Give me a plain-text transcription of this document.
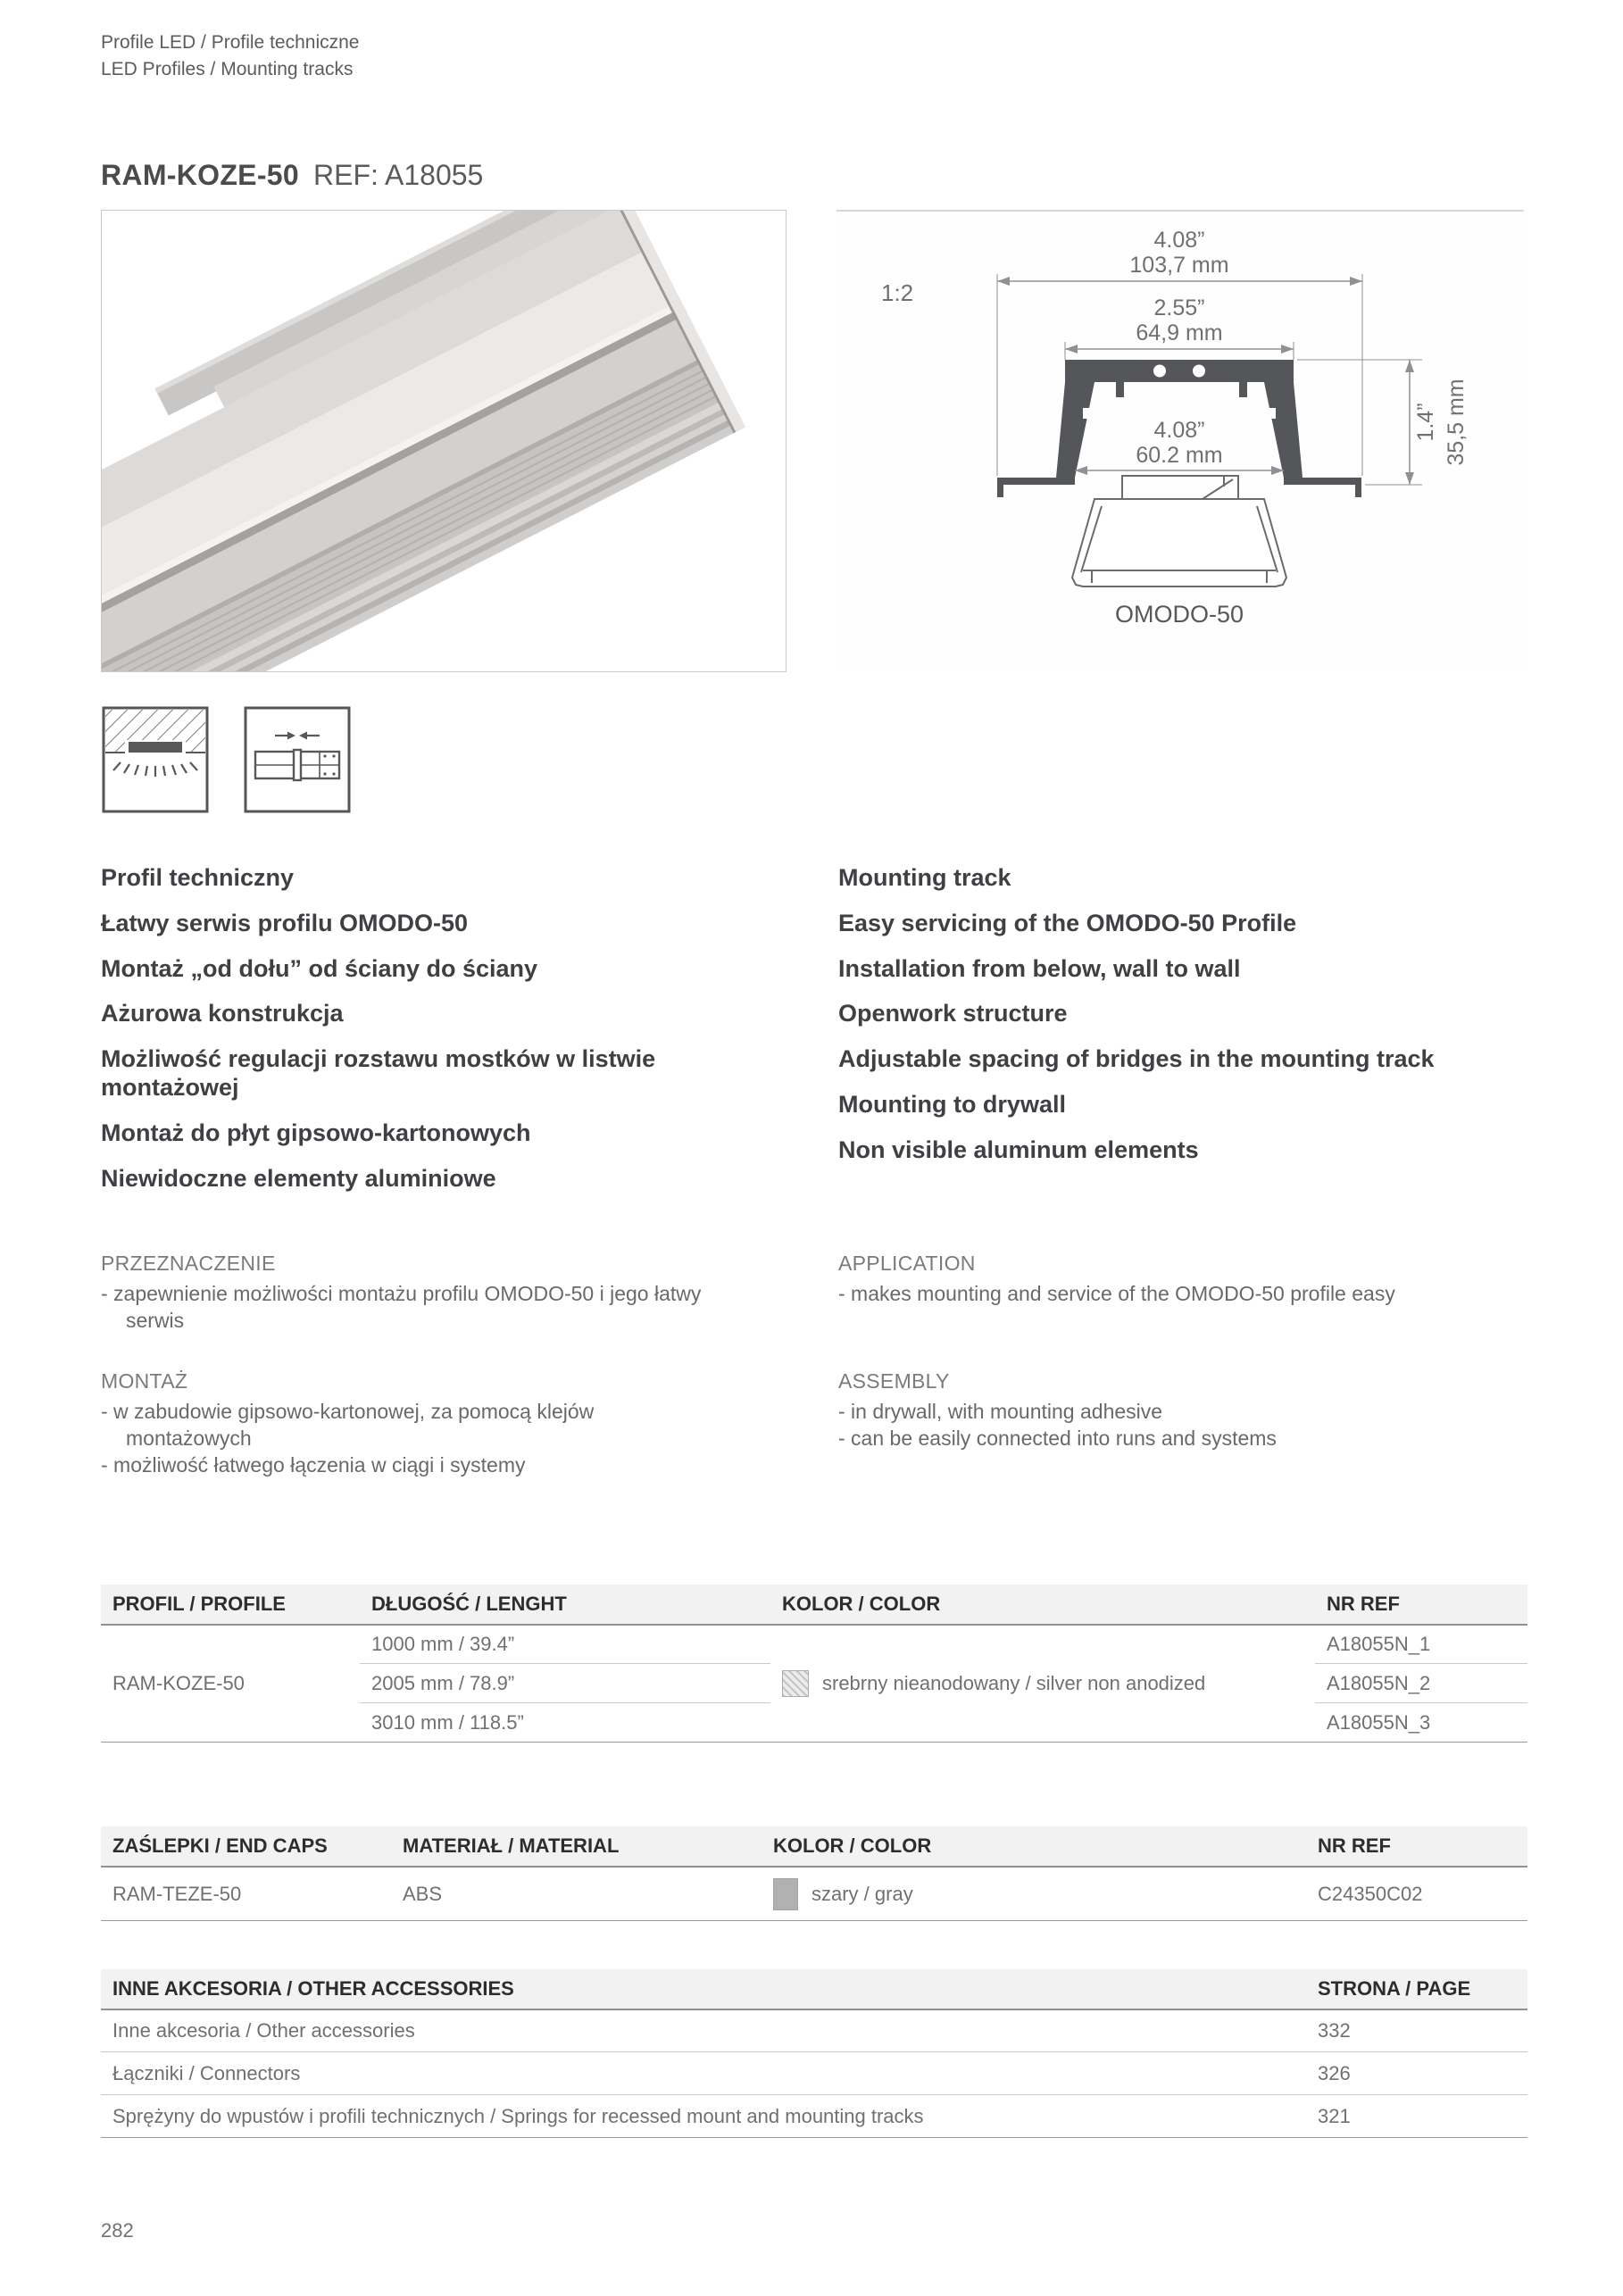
Profile LED / Profile techniczne
LED Profiles / Mounting tracks
RAM-KOZE-50 REF: A18055
1:2
4.08”
103,7 mm
2.55”
64,9 mm
4.08”
60.2 mm
1.4” 35,5 mm
OMODO-50
Profil techniczny
Łatwy serwis profilu OMODO-50
Montaż „od dołu” od ściany do ściany
Ażurowa konstrukcja
Możliwość regulacji rozstawu mostków w listwie montażowej
Montaż do płyt gipsowo-kartonowych
Niewidoczne elementy aluminiowe
Mounting track
Easy servicing of the OMODO-50 Profile
Installation from below, wall to wall
Openwork structure
Adjustable spacing of bridges in the mounting track
Mounting to drywall
Non visible aluminum elements
PRZEZNACZENIE
- zapewnienie możliwości montażu profilu OMODO-50 i jego łatwy serwis
MONTAŻ
- w zabudowie gipsowo-kartonowej, za pomocą klejów montażowych
- możliwość łatwego łączenia w ciągi i systemy
APPLICATION
- makes mounting and service of the OMODO-50 profile easy
ASSEMBLY
- in drywall, with mounting adhesive
- can be easily connected into runs and systems
PROFIL / PROFILE	DŁUGOŚĆ / LENGHT	KOLOR / COLOR	NR REF
RAM-KOZE-50	1000 mm / 39.4”	srebrny nieanodowany / silver non anodized	A18055N_1
	2005 mm / 78.9”		A18055N_2
	3010 mm / 118.5”		A18055N_3
ZAŚLEPKI / END CAPS	MATERIAŁ / MATERIAL	KOLOR / COLOR	NR REF
RAM-TEZE-50	ABS	szary / gray	C24350C02
INNE AKCESORIA / OTHER ACCESSORIES	STRONA / PAGE
Inne akcesoria / Other accessories	332
Łączniki / Connectors	326
Sprężyny do wpustów i profili technicznych / Springs for recessed mount and mounting tracks	321
282
